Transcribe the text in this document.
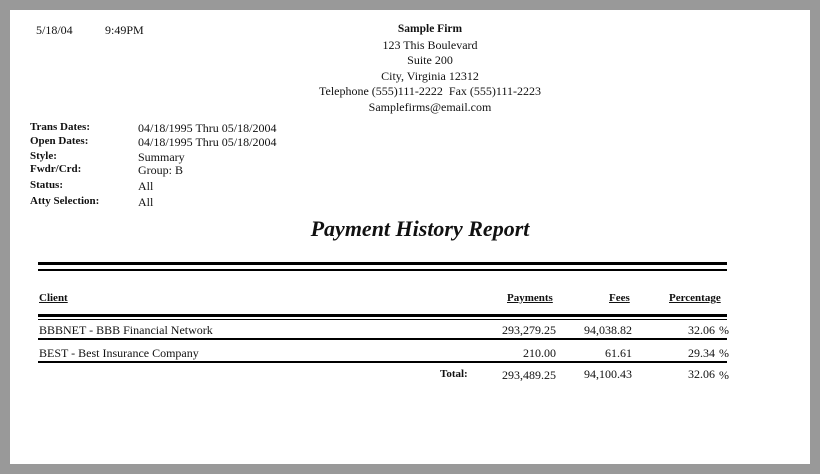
5/18/04	9:49PM	Sample Firm
123 This Boulevard
Suite 200
City, Virginia 12312
Telephone (555)111-2222  Fax (555)111-2223
Samplefirms@email.com
Trans Dates:	04/18/1995 Thru 05/18/2004
Open Dates:	04/18/1995 Thru 05/18/2004
Style:	Summary
Fwdr/Crd:	Group: B
Status:	All
Atty Selection:	All
Payment History Report
Client	Payments	Fees	Percentage
BBBNET - BBB Financial Network	293,279.25	94,038.82	32.06 %
BEST - Best Insurance Company	210.00	61.61	29.34 %
Total:	293,489.25	94,100.43	32.06 %
